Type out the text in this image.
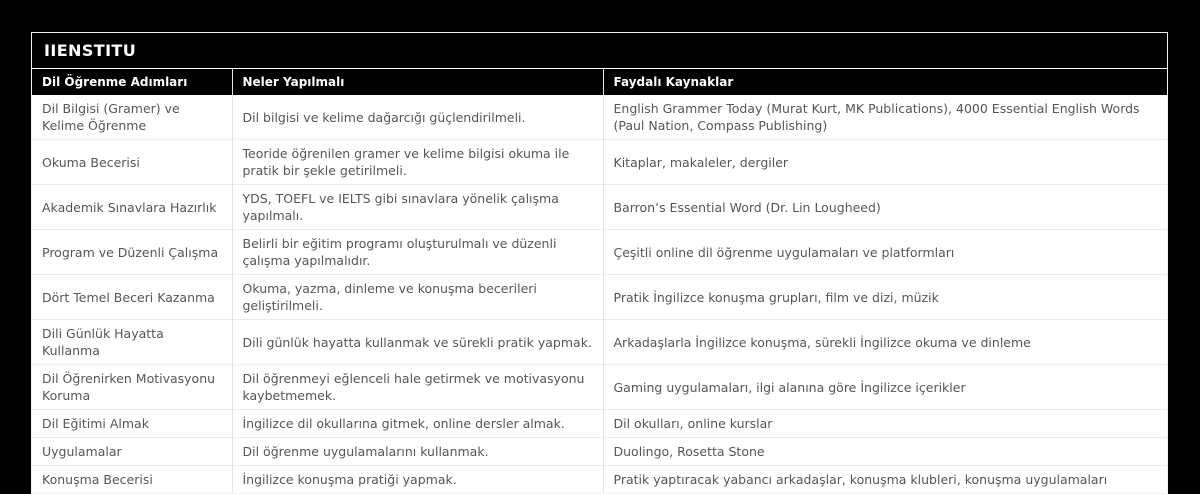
IIENSTITU
Dil Öğrenme Adımları	Neler Yapılmalı	Faydalı Kaynaklar
Dil Bilgisi (Gramer) ve Kelime Öğrenme	Dil bilgisi ve kelime dağarcığı güçlendirilmeli.	English Grammer Today (Murat Kurt, MK Publications), 4000 Essential English Words (Paul Nation, Compass Publishing)
Okuma Becerisi	Teoride öğrenilen gramer ve kelime bilgisi okuma ile pratik bir şekle getirilmeli.	Kitaplar, makaleler, dergiler
Akademik Sınavlara Hazırlık	YDS, TOEFL ve IELTS gibi sınavlara yönelik çalışma yapılmalı.	Barron’s Essential Word (Dr. Lin Lougheed)
Program ve Düzenli Çalışma	Belirli bir eğitim programı oluşturulmalı ve düzenli çalışma yapılmalıdır.	Çeşitli online dil öğrenme uygulamaları ve platformları
Dört Temel Beceri Kazanma	Okuma, yazma, dinleme ve konuşma becerileri geliştirilmeli.	Pratik İngilizce konuşma grupları, film ve dizi, müzik
Dili Günlük Hayatta Kullanma	Dili günlük hayatta kullanmak ve sürekli pratik yapmak.	Arkadaşlarla İngilizce konuşma, sürekli İngilizce okuma ve dinleme
Dil Öğrenirken Motivasyonu Koruma	Dil öğrenmeyi eğlenceli hale getirmek ve motivasyonu kaybetmemek.	Gaming uygulamaları, ilgi alanına göre İngilizce içerikler
Dil Eğitimi Almak	İngilizce dil okullarına gitmek, online dersler almak.	Dil okulları, online kurslar
Uygulamalar	Dil öğrenme uygulamalarını kullanmak.	Duolingo, Rosetta Stone
Konuşma Becerisi	İngilizce konuşma pratiği yapmak.	Pratik yaptıracak yabancı arkadaşlar, konuşma klubleri, konuşma uygulamaları
